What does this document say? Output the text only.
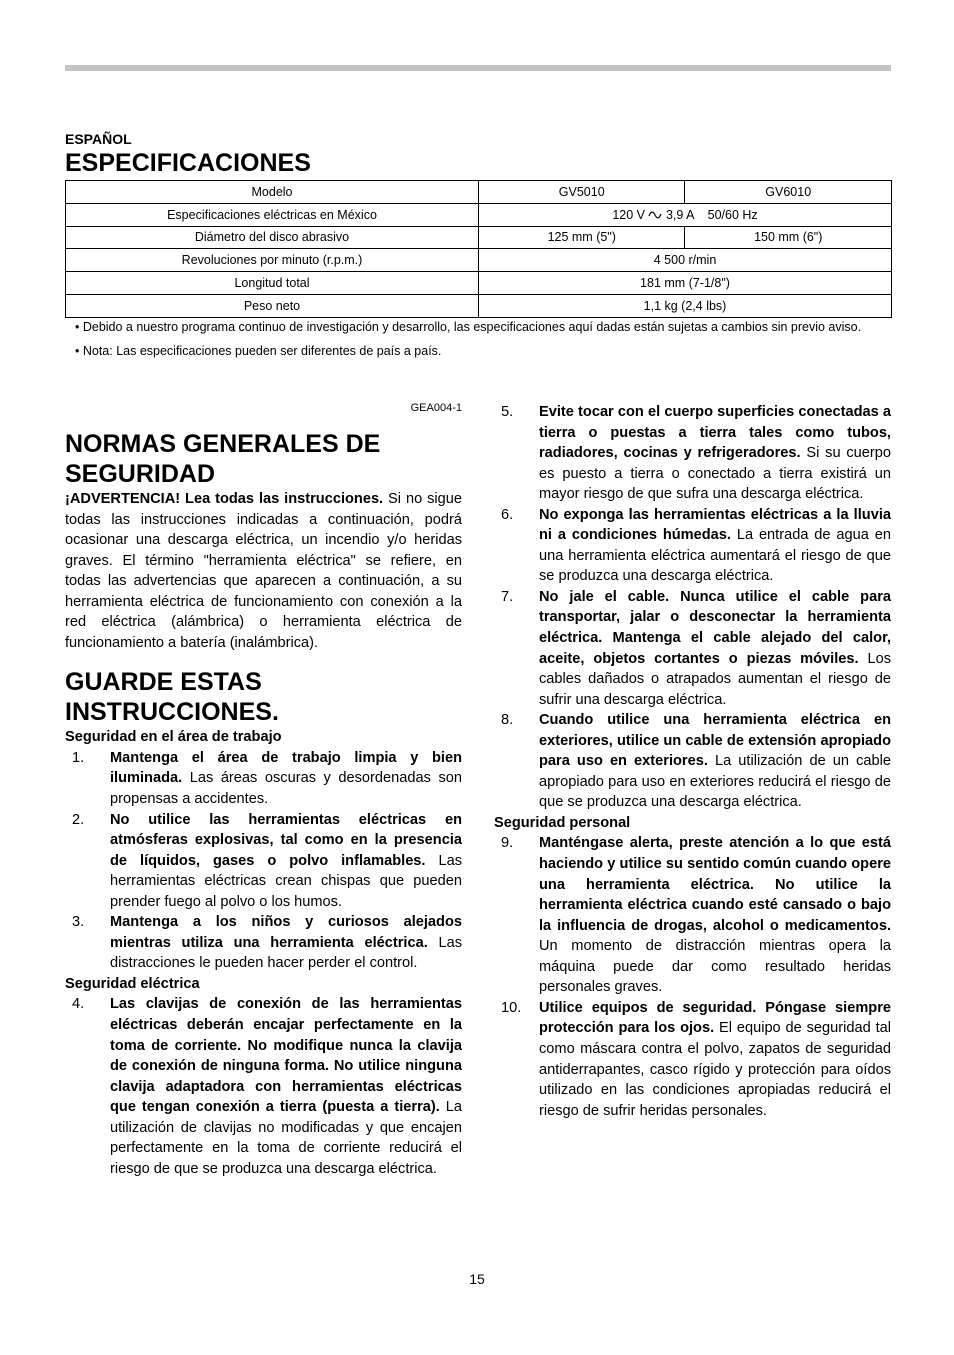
ESPAÑOL
ESPECIFICACIONES
Modelo	GV5010	GV6010
Especificaciones eléctricas en México	120 V 3,9 A    50/60 Hz	
Diámetro del disco abrasivo	125 mm (5")	150 mm (6")
Revoluciones por minuto (r.p.m.)	4 500 r/min	
Longitud total	181 mm (7-1/8")	
Peso neto	1,1 kg (2,4 lbs)	

• Debido a nuestro programa continuo de investigación y desarrollo, las especificaciones aquí dadas están sujetas a cambios sin previo aviso.

• Nota: Las especificaciones pueden ser diferentes de país a país.

GEA004-1
NORMAS GENERALES DE
SEGURIDAD

¡ADVERTENCIA! Lea todas las instrucciones. Si no sigue todas las instrucciones indicadas a continuación, podrá ocasionar una descarga eléctrica, un incendio y/o heridas graves. El término "herramienta eléctrica" se refiere, en todas las advertencias que aparecen a continuación, a su herramienta eléctrica de funcionamiento con conexión a la red eléctrica (alámbrica) o herramienta eléctrica de funcionamiento a batería (inalámbrica).

GUARDE ESTAS
INSTRUCCIONES.

Seguridad en el área de trabajo

1.	Mantenga el área de trabajo limpia y bien iluminada. Las áreas oscuras y desordenadas son propensas a accidentes.
2.	No utilice las herramientas eléctricas en atmósferas explosivas, tal como en la presencia de líquidos, gases o polvo inflamables. Las herramientas eléctricas crean chispas que pueden prender fuego al polvo o los humos.
3.	Mantenga a los niños y curiosos alejados mientras utiliza una herramienta eléctrica. Las distracciones le pueden hacer perder el control.

Seguridad eléctrica

4.	Las clavijas de conexión de las herramientas eléctricas deberán encajar perfectamente en la toma de corriente. No modifique nunca la clavija de conexión de ninguna forma. No utilice ninguna clavija adaptadora con herramientas eléctricas que tengan conexión a tierra (puesta a tierra). La utilización de clavijas no modificadas y que encajen perfectamente en la toma de corriente reducirá el riesgo de que se produzca una descarga eléctrica.
5.	Evite tocar con el cuerpo superficies conectadas a tierra o puestas a tierra tales como tubos, radiadores, cocinas y refrigeradores. Si su cuerpo es puesto a tierra o conectado a tierra existirá un mayor riesgo de que sufra una descarga eléctrica.
6.	No exponga las herramientas eléctricas a la lluvia ni a condiciones húmedas. La entrada de agua en una herramienta eléctrica aumentará el riesgo de que se produzca una descarga eléctrica.
7.	No jale el cable. Nunca utilice el cable para transportar, jalar o desconectar la herramienta eléctrica. Mantenga el cable alejado del calor, aceite, objetos cortantes o piezas móviles. Los cables dañados o atrapados aumentan el riesgo de sufrir una descarga eléctrica.
8.	Cuando utilice una herramienta eléctrica en exteriores, utilice un cable de extensión apropiado para uso en exteriores. La utilización de un cable apropiado para uso en exteriores reducirá el riesgo de que se produzca una descarga eléctrica.

Seguridad personal

9.	Manténgase alerta, preste atención a lo que está haciendo y utilice su sentido común cuando opere una herramienta eléctrica. No utilice la herramienta eléctrica cuando esté cansado o bajo la influencia de drogas, alcohol o medicamentos. Un momento de distracción mientras opera la máquina puede dar como resultado heridas personales graves.
10.	Utilice equipos de seguridad. Póngase siempre protección para los ojos. El equipo de seguridad tal como máscara contra el polvo, zapatos de seguridad antiderrapantes, casco rígido y protección para oídos utilizado en las condiciones apropiadas reducirá el riesgo de sufrir heridas personales.
15
